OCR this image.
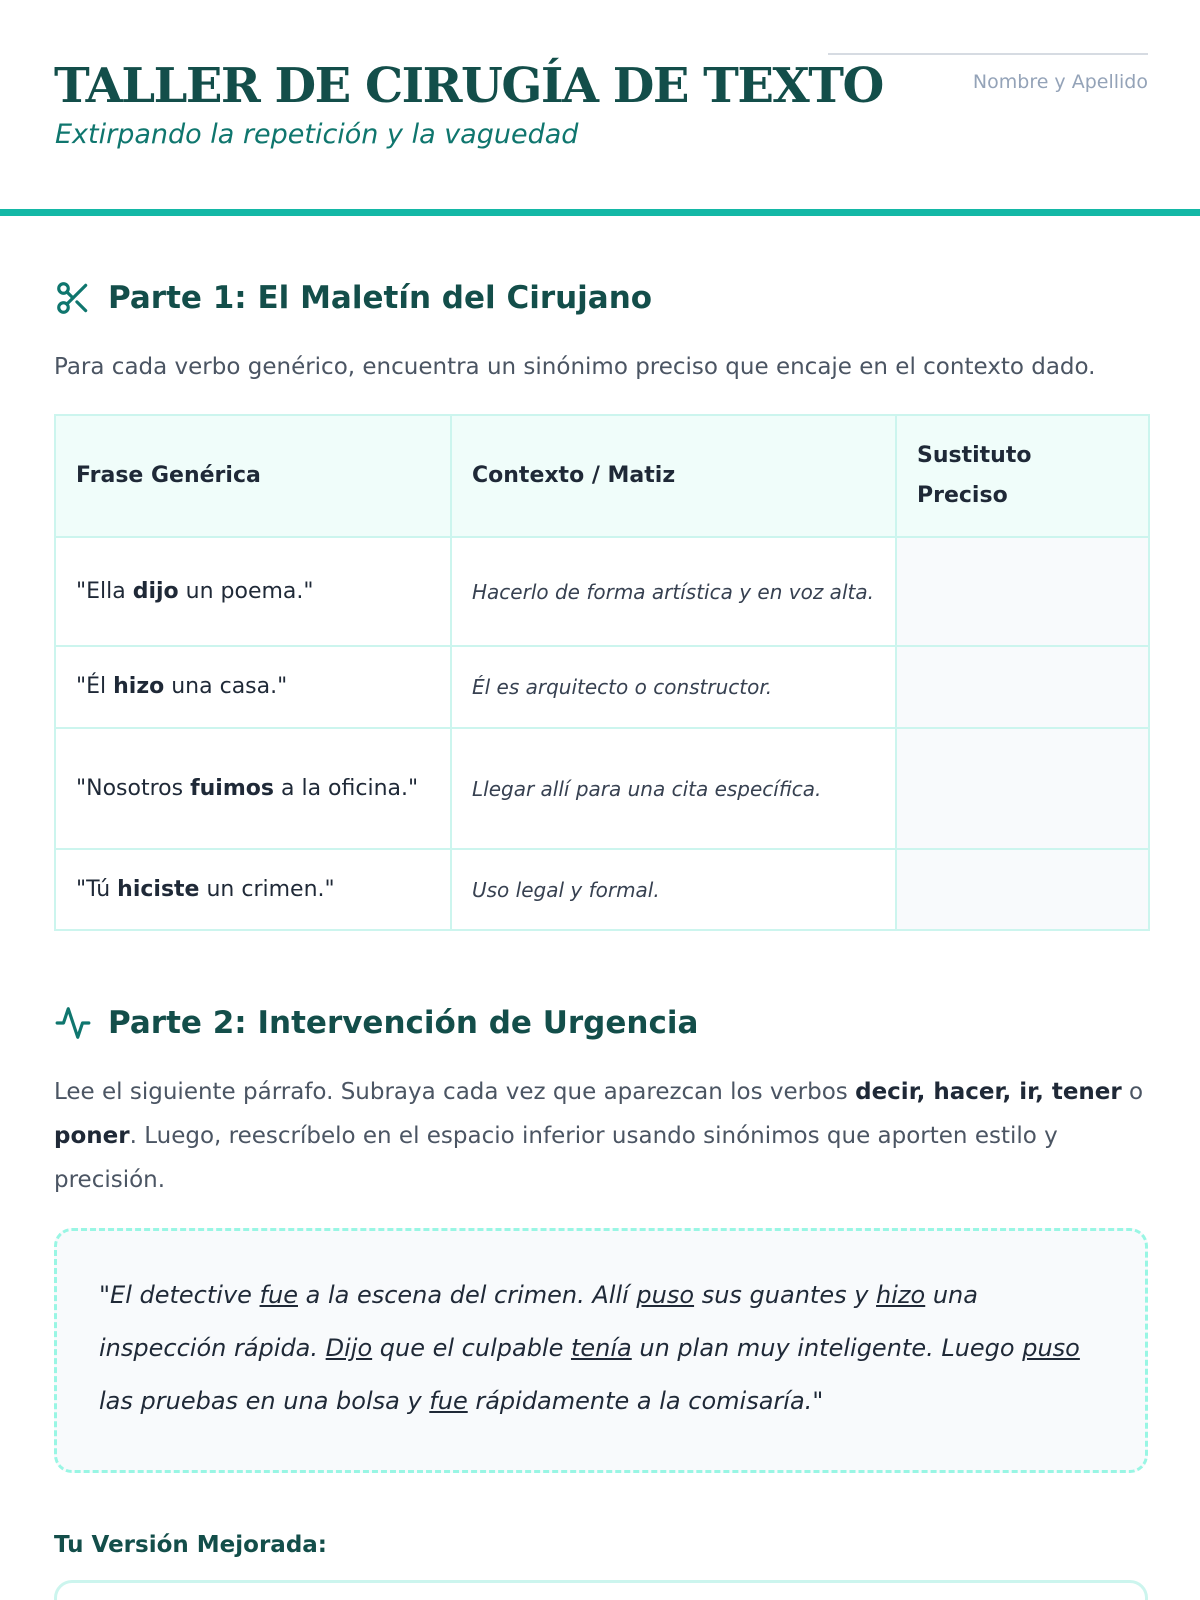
TALLER DE CIRUGÍA DE TEXTO
Extirpando la repetición y la vaguedad
Nombre y Apellido
Parte 1: El Maletín del Cirujano
Para cada verbo genérico, encuentra un sinónimo preciso que encaje en el contexto dado.
Frase Genérica	Contexto / Matiz	Sustituto Preciso
"Ella dijo un poema."	Hacerlo de forma artística y en voz alta.	
"Él hizo una casa."	Él es arquitecto o constructor.	
"Nosotros fuimos a la oficina."	Llegar allí para una cita específica.	
"Tú hiciste un crimen."	Uso legal y formal.	
Parte 2: Intervención de Urgencia
Lee el siguiente párrafo. Subraya cada vez que aparezcan los verbos decir, hacer, ir, tener o poner. Luego, reescríbelo en el espacio inferior usando sinónimos que aporten estilo y precisión.
"El detective fue a la escena del crimen. Allí puso sus guantes y hizo una inspección rápida. Dijo que el culpable tenía un plan muy inteligente. Luego puso las pruebas en una bolsa y fue rápidamente a la comisaría."
Tu Versión Mejorada:
